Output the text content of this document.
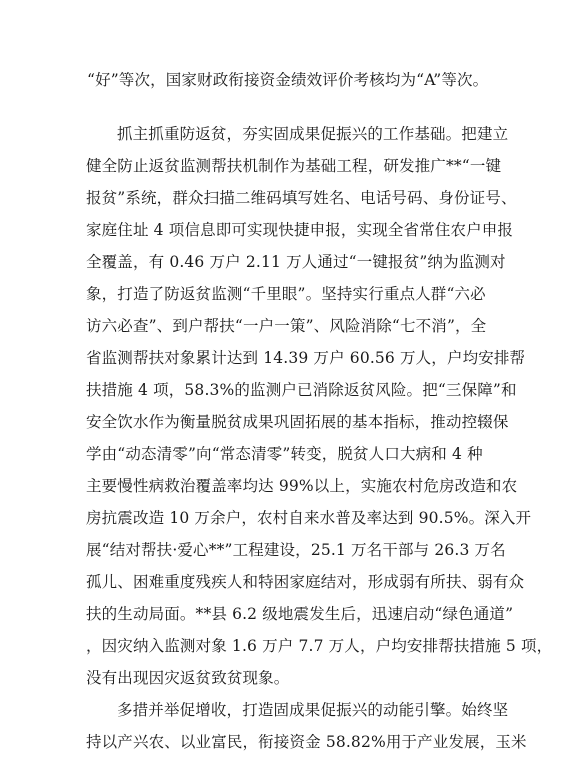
“好”等次，国家财政衔接资金绩效评价考核均为“A”等次。
抓主抓重防返贫，夯实固成果促振兴的工作基础。把建立
健全防止返贫监测帮扶机制作为基础工程，研发推广**“一键
报贫”系统，群众扫描二维码填写姓名、电话号码、身份证号、
家庭住址 4 项信息即可实现快捷申报，实现全省常住农户申报
全覆盖，有 0.46 万户 2.11 万人通过“一键报贫”纳为监测对
象，打造了防返贫监测“千里眼”。坚持实行重点人群“六必
访六必查”、到户帮扶“一户一策”、风险消除“七不消”，全
省监测帮扶对象累计达到 14.39 万户 60.56 万人，户均安排帮
扶措施 4 项，58.3%的监测户已消除返贫风险。把“三保障”和
安全饮水作为衡量脱贫成果巩固拓展的基本指标，推动控辍保
学由“动态清零”向“常态清零”转变，脱贫人口大病和 4 种
主要慢性病救治覆盖率均达 99%以上，实施农村危房改造和农
房抗震改造 10 万余户，农村自来水普及率达到 90.5%。深入开
展“结对帮扶·爱心**”工程建设，25.1 万名干部与 26.3 万名
孤儿、困难重度残疾人和特困家庭结对，形成弱有所扶、弱有众
扶的生动局面。**县 6.2 级地震发生后，迅速启动“绿色通道”
，因灾纳入监测对象 1.6 万户 7.7 万人，户均安排帮扶措施 5 项，
没有出现因灾返贫致贫现象。
多措并举促增收，打造固成果促振兴的动能引擎。始终坚
持以产兴农、以业富民，衔接资金 58.82%用于产业发展，玉米
